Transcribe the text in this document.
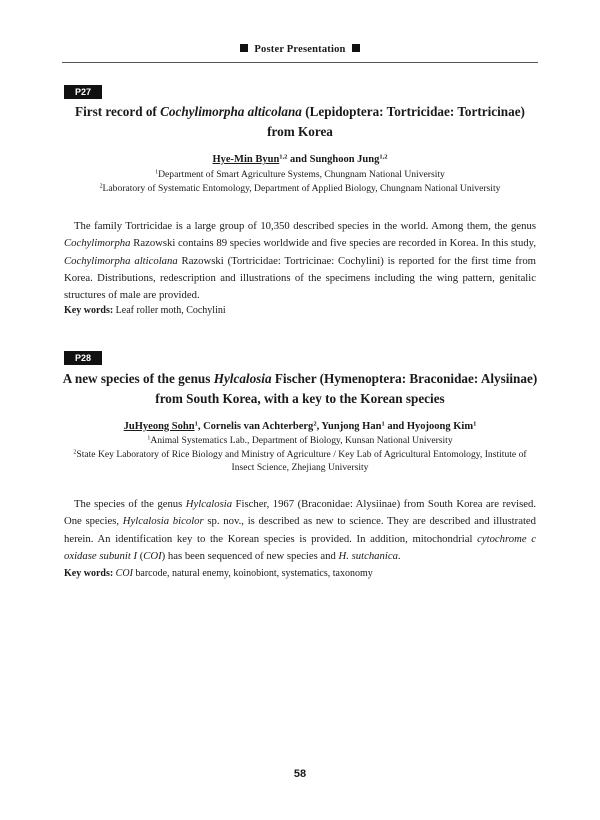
Poster Presentation
P27
First record of Cochylimorpha alticolana (Lepidoptera: Tortricidae: Tortricinae)
from Korea
Hye-Min Byun$^{1,2}$ and Sunghoon Jung$^{1,2}$
$^1$Department of Smart Agriculture Systems, Chungnam National University
$^2$Laboratory of Systematic Entomology, Department of Applied Biology, Chungnam National University
The family Tortricidae is a large group of 10,350 described species in the world. Among them, the genus Cochylimorpha Razowski contains 89 species worldwide and five species are recorded in Korea. In this study, Cochylimorpha alticolana Razowski (Tortricidae: Tortricinae: Cochylini) is reported for the first time from Korea. Distributions, redescription and illustrations of the specimens including the wing pattern, genitalic structures of male are provided.
Key words: Leaf roller moth, Cochylini
P28
A new species of the genus Hylcalosia Fischer (Hymenoptera: Braconidae: Alysiinae)
from South Korea, with a key to the Korean species
JuHyeong Sohn$^1$, Cornelis van Achterberg$^2$, Yunjong Han$^1$ and Hyojoong Kim$^1$
$^1$Animal Systematics Lab., Department of Biology, Kunsan National University
$^2$State Key Laboratory of Rice Biology and Ministry of Agriculture / Key Lab of Agricultural Entomology, Institute of Insect Science, Zhejiang University
The species of the genus Hylcalosia Fischer, 1967 (Braconidae: Alysiinae) from South Korea are revised. One species, Hylcalosia bicolor sp. nov., is described as new to science. They are described and illustrated herein. An identification key to the Korean species is provided. In addition, mitochondrial cytochrome c oxidase subunit I (COI) has been sequenced of new species and H. sutchanica.
Key words: COI barcode, natural enemy, koinobiont, systematics, taxonomy
58
